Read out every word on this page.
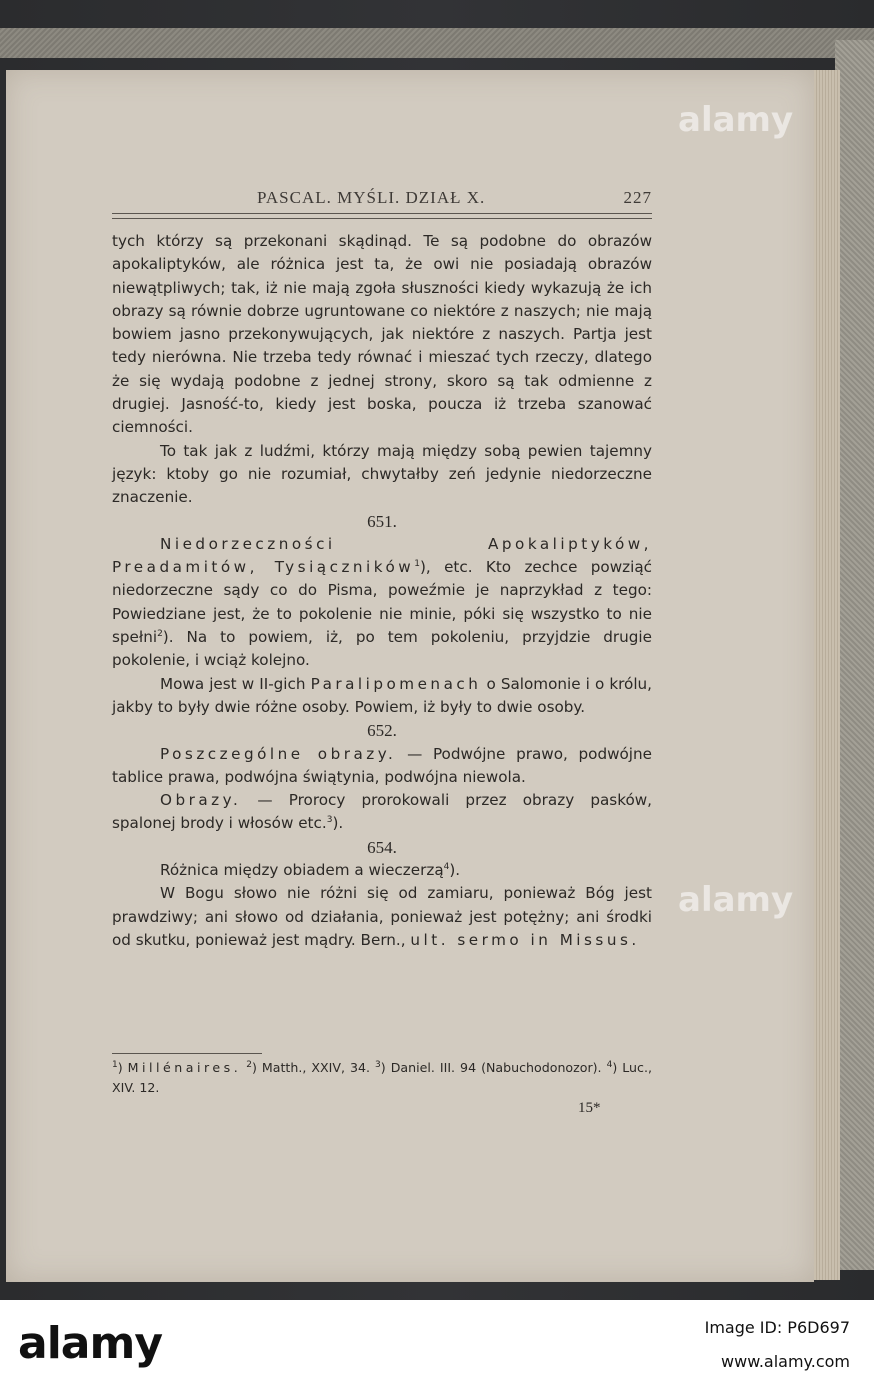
PASCAL. MYŚLI. DZIAŁ X.	227

tych którzy są przekonani skądinąd. Te są podobne do obrazów apokaliptyków, ale różnica jest ta, że owi nie posiadają obrazów niewątpliwych; tak, iż nie mają zgoła słuszności kiedy wykazują że ich obrazy są równie dobrze ugruntowane co niektóre z naszych; nie mają bowiem jasno przekonywujących, jak niektóre z naszych. Partja jest tedy nierówna. Nie trzeba tedy równać i mieszać tych rzeczy, dlatego że się wydają podobne z jednej strony, skoro są tak odmienne z drugiej. Jasność-to, kiedy jest boska, poucza iż trzeba szanować ciemności.

To tak jak z ludźmi, którzy mają między sobą pewien tajemny język: ktoby go nie rozumiał, chwytałby zeń jedynie niedorzeczne znaczenie.

651.

Niedorzeczności Apokaliptyków, Preadamitów, Tysiączników$^1$), etc. Kto zechce powziąć niedorzeczne sądy co do Pisma, poweźmie je naprzykład z tego: Powiedziane jest, że to pokolenie nie minie, póki się wszystko to nie spełni$^2$). Na to powiem, iż, po tem pokoleniu, przyjdzie drugie pokolenie, i wciąż kolejno.

Mowa jest w II-gich Paralipomenach o Salomonie i o królu, jakby to były dwie różne osoby. Powiem, iż były to dwie osoby.

652.

Poszczególne obrazy. — Podwójne prawo, podwójne tablice prawa, podwójna świątynia, podwójna niewola.

Obrazy. — Prorocy prorokowali przez obrazy pasków, spalonej brody i włosów etc.$^3$).

654.

Różnica między obiadem a wieczerzą$^4$).

W Bogu słowo nie różni się od zamiaru, ponieważ Bóg jest prawdziwy; ani słowo od działania, ponieważ jest potężny; ani środki od skutku, ponieważ jest mądry. Bern., ult. sermo in Missus.

$^1$) Millénaires. $^2$) Matth., XXIV, 34. $^3$) Daniel. III. 94 (Nabuchodonozor). $^4$) Luc., XIV. 12.

15*
alamy
alamy
alamy	Image ID: P6D697
www.alamy.com
